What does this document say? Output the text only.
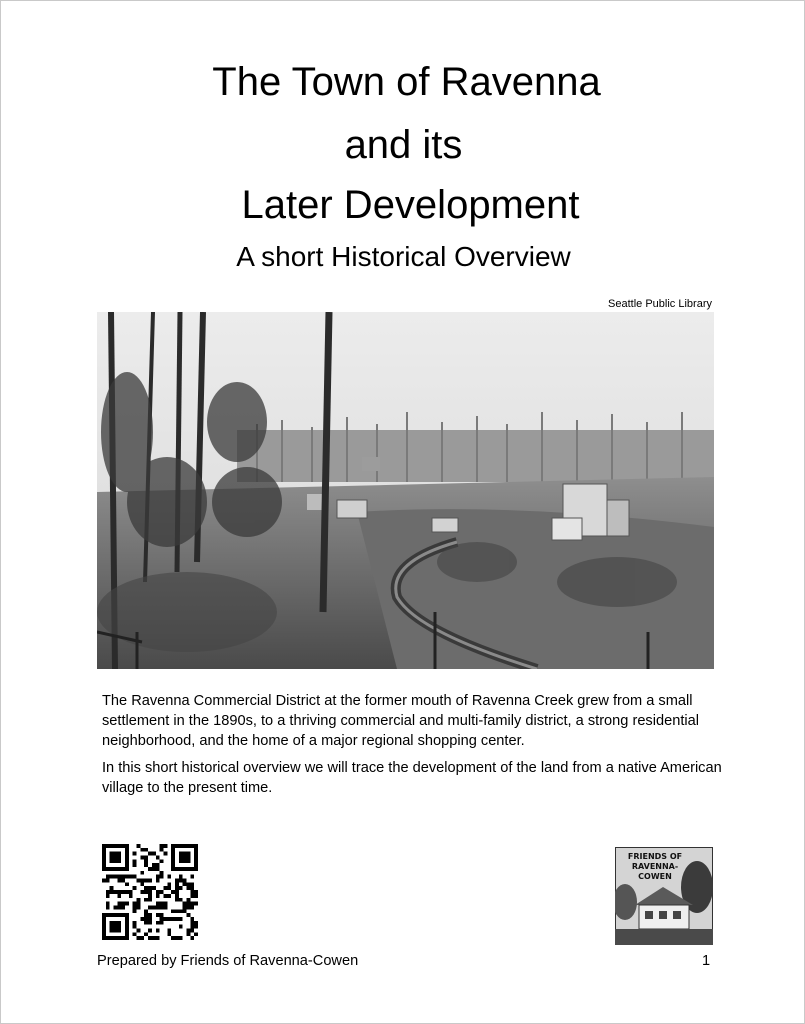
The Town of Ravenna
and its
Later Development
A short Historical Overview
Seattle Public Library

The Ravenna Commercial District at the former mouth of Ravenna Creek grew from a small settlement in the 1890s, to a thriving commercial and multi-family district, a strong residential neighborhood, and the home of a major regional shopping center.

In this short historical overview we will trace the development of the land from a native American village to the present time.

FRIENDS OF
RAVENNA-
COWEN
Prepared by Friends of Ravenna-Cowen	1
